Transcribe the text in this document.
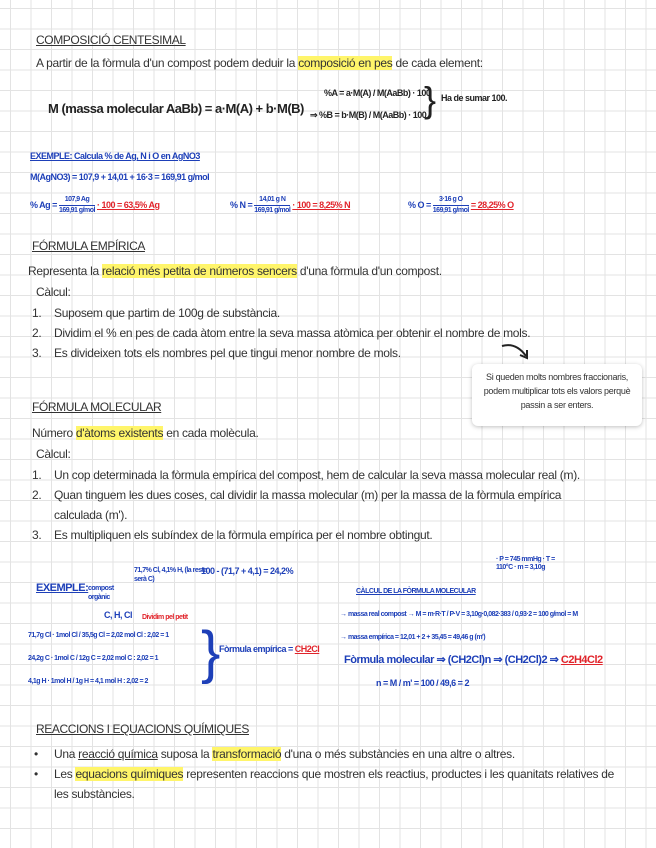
COMPOSICIÓ CENTESIMAL
A partir de la fòrmula d'un compost podem deduir la composició en pes de cada element:
M (massa molecular AaBb) = a·M(A) + b·M(B)
%A = a·M(A) / M(AaBb) · 100
⇒ %B = b·M(B) / M(AaBb) · 100
} Ha de sumar 100.
EXEMPLE: Calcula % de Ag, N i O en AgNO3
M(AgNO3) = 107,9 + 14,01 + 16·3 = 169,91 g/mol
% $Ag = \frac{107,9 Ag}{\text{169,91 g/mol}} \cdot 100 = 63,5\%$ Ag	% $N = \frac{\text{14,01 g N}}{\text{169,91 g/mol}} \cdot 100 = 8,25\%$ N	% $O = \frac{\text{3·16 g O}}{\text{169,91 g/mol}} = 28,25\%$ O
FÓRMULA EMPÍRICA
Representa la relació més petita de números sencers d'una fòrmula d'un compost.
Càlcul:
1. Suposem que partim de 100g de substància.
2. Dividim el % en pes de cada àtom entre la seva massa atòmica per obtenir el nombre de mols.
3. Es divideixen tots els nombres pel que tingui menor nombre de mols.
Si queden molts nombres fraccionaris, podem multiplicar tots els valors perquè passin a ser enters.
FÓRMULA MOLECULAR
Número d'àtoms existents en cada molècula.
Càlcul:
1. Un cop determinada la fòrmula empírica del compost, hem de calcular la seva massa molecular real (m).
2. Quan tinguem les dues coses, cal dividir la massa molecular (m) per la massa de la fòrmula empírica calculada (m').
3. Es multipliquen els subíndex de la fòrmula empírica per el nombre obtingut.
EXEMPLE: compost orgànic
71,7% Cl, 4,1% H, (la resta serà C)
C, H, Cl
100 - (71,7 + 4,1) = 24,2%
Dividim pel petit
71,7g Cl · 1mol Cl / 35,5g Cl = 2,02 mol Cl : 2,02 = 1
24,2g C · 1mol C / 12g C = 2,02 mol C : 2,02 = 1
4,1g H · 1mol H / 1g H = 4,1 mol H : 2,02 = 2 }
Fòrmula empírica = CH2Cl
· P = 745 mmHg · T = 110°C · m = 3,10g
CÀLCUL DE LA FÒRMULA MOLECULAR
→ massa real compost → M = m·R·T / P·V = 3,10g·0,082·383 / 0,93·2 = 100 g/mol = M
→ massa empírica = 12,01 + 2 + 35,45 = 49,46 g (m')
Fòrmula molecular ⇒ (CH2Cl)n ⇒ (CH2Cl)2 ⇒ C2H4Cl2
n = M / m' = 100 / 49,6 = 2
REACCIONS I EQUACIONS QUÍMIQUES
• Una reacció química suposa la transformació d'una o més substàncies en una altre o altres.
• Les equacions químiques representen reaccions que mostren els reactius, productes i les quanitats relatives de
les substàncies.
